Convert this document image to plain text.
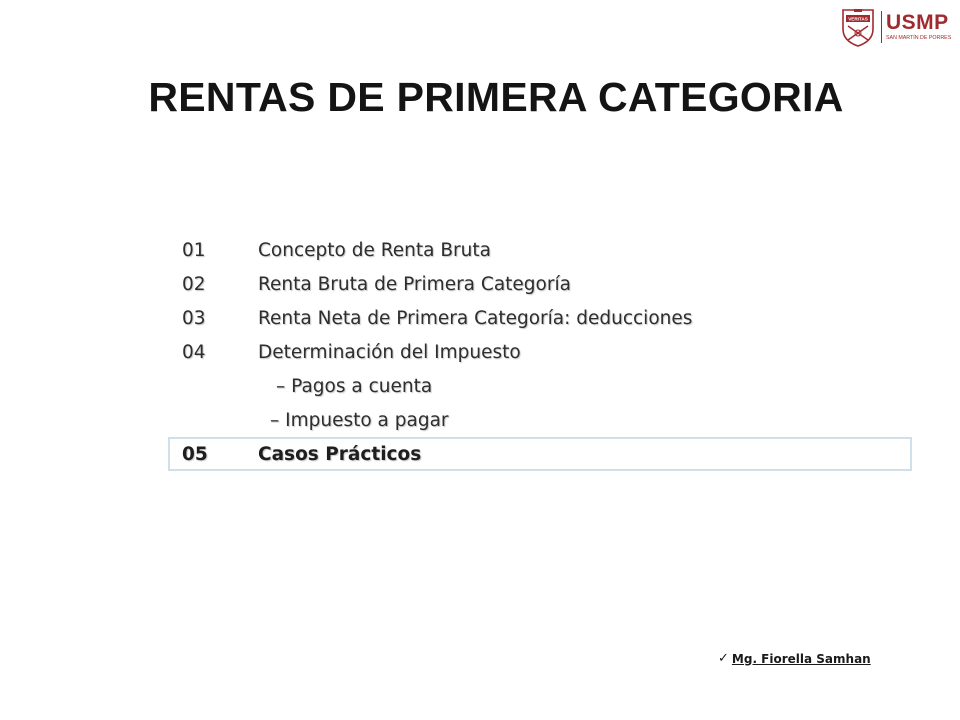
VERITAS USMP
SAN MARTÍN DE PORRES
RENTAS DE PRIMERA CATEGORIA
01	Concepto de Renta Bruta
02	Renta Bruta de Primera Categoría
03	Renta Neta de Primera Categoría: deducciones
04	Determinación del Impuesto
– Pagos a cuenta
– Impuesto a pagar
05	Casos Prácticos
✓ Mg. Fiorella Samhan
